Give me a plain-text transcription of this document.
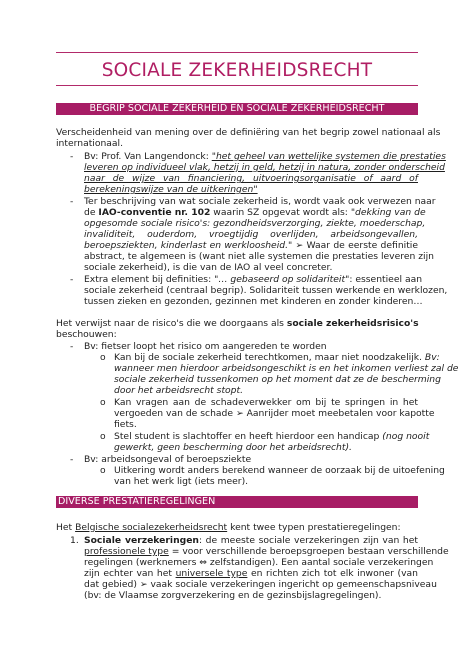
SOCIALE ZEKERHEIDSRECHT
BEGRIP SOCIALE ZEKERHEID EN SOCIALE ZEKERHEIDSRECHT
Verscheidenheid van mening over de definiëring van het begrip zowel nationaal als
internationaal.
- Bv: Prof. Van Langendonck: "het geheel van wettelijke systemen die prestaties
leveren op individueel vlak, hetzij in geld, hetzij in natura, zonder onderscheid
naar de wijze van financiering, uitvoeringsorganisatie of aard of
berekeningswijze van de uitkeringen"
- Ter beschrijving van wat sociale zekerheid is, wordt vaak ook verwezen naar
de IAO-conventie nr. 102 waarin SZ opgevat wordt als: "dekking van de
opgesomde sociale risico's: gezondheidsverzorging, ziekte, moederschap,
invaliditeit, ouderdom, vroegtijdig overlijden, arbeidsongevallen,
beroepsziekten, kinderlast en werkloosheid." ➢ Waar de eerste definitie
abstract, te algemeen is (want niet alle systemen die prestaties leveren zijn
sociale zekerheid), is die van de IAO al veel concreter.
- Extra element bij definities: "… gebaseerd op solidariteit": essentieel aan
sociale zekerheid (centraal begrip). Solidariteit tussen werkende en werklozen,
tussen zieken en gezonden, gezinnen met kinderen en zonder kinderen…
Het verwijst naar de risico's die we doorgaans als sociale zekerheidsrisico's
beschouwen:
- Bv: fietser loopt het risico om aangereden te worden
o Kan bij de sociale zekerheid terechtkomen, maar niet noodzakelijk. Bv:
wanneer men hierdoor arbeidsongeschikt is en het inkomen verliest zal de
sociale zekerheid tussenkomen op het moment dat ze de bescherming
door het arbeidsrecht stopt.
o Kan vragen aan de schadeverwekker om bij te springen in het
vergoeden van de schade ➢ Aanrijder moet meebetalen voor kapotte
fiets.
o Stel student is slachtoffer en heeft hierdoor een handicap (nog nooit
gewerkt, geen bescherming door het arbeidsrecht).
- Bv: arbeidsongeval of beroepsziekte
o Uitkering wordt anders berekend wanneer de oorzaak bij de uitoefening
van het werk ligt (iets meer).
DIVERSE PRESTATIEREGELINGEN
Het Belgische socialezekerheidsrecht kent twee typen prestatieregelingen:
1. Sociale verzekeringen: de meeste sociale verzekeringen zijn van het
professionele type = voor verschillende beroepsgroepen bestaan verschillende
regelingen (werknemers ⇔ zelfstandigen). Een aantal sociale verzekeringen
zijn echter van het universele type en richten zich tot elk inwoner (van
dat gebied) ➢ vaak sociale verzekeringen ingericht op gemeenschapsniveau
(bv: de Vlaamse zorgverzekering en de gezinsbijslagregelingen).
